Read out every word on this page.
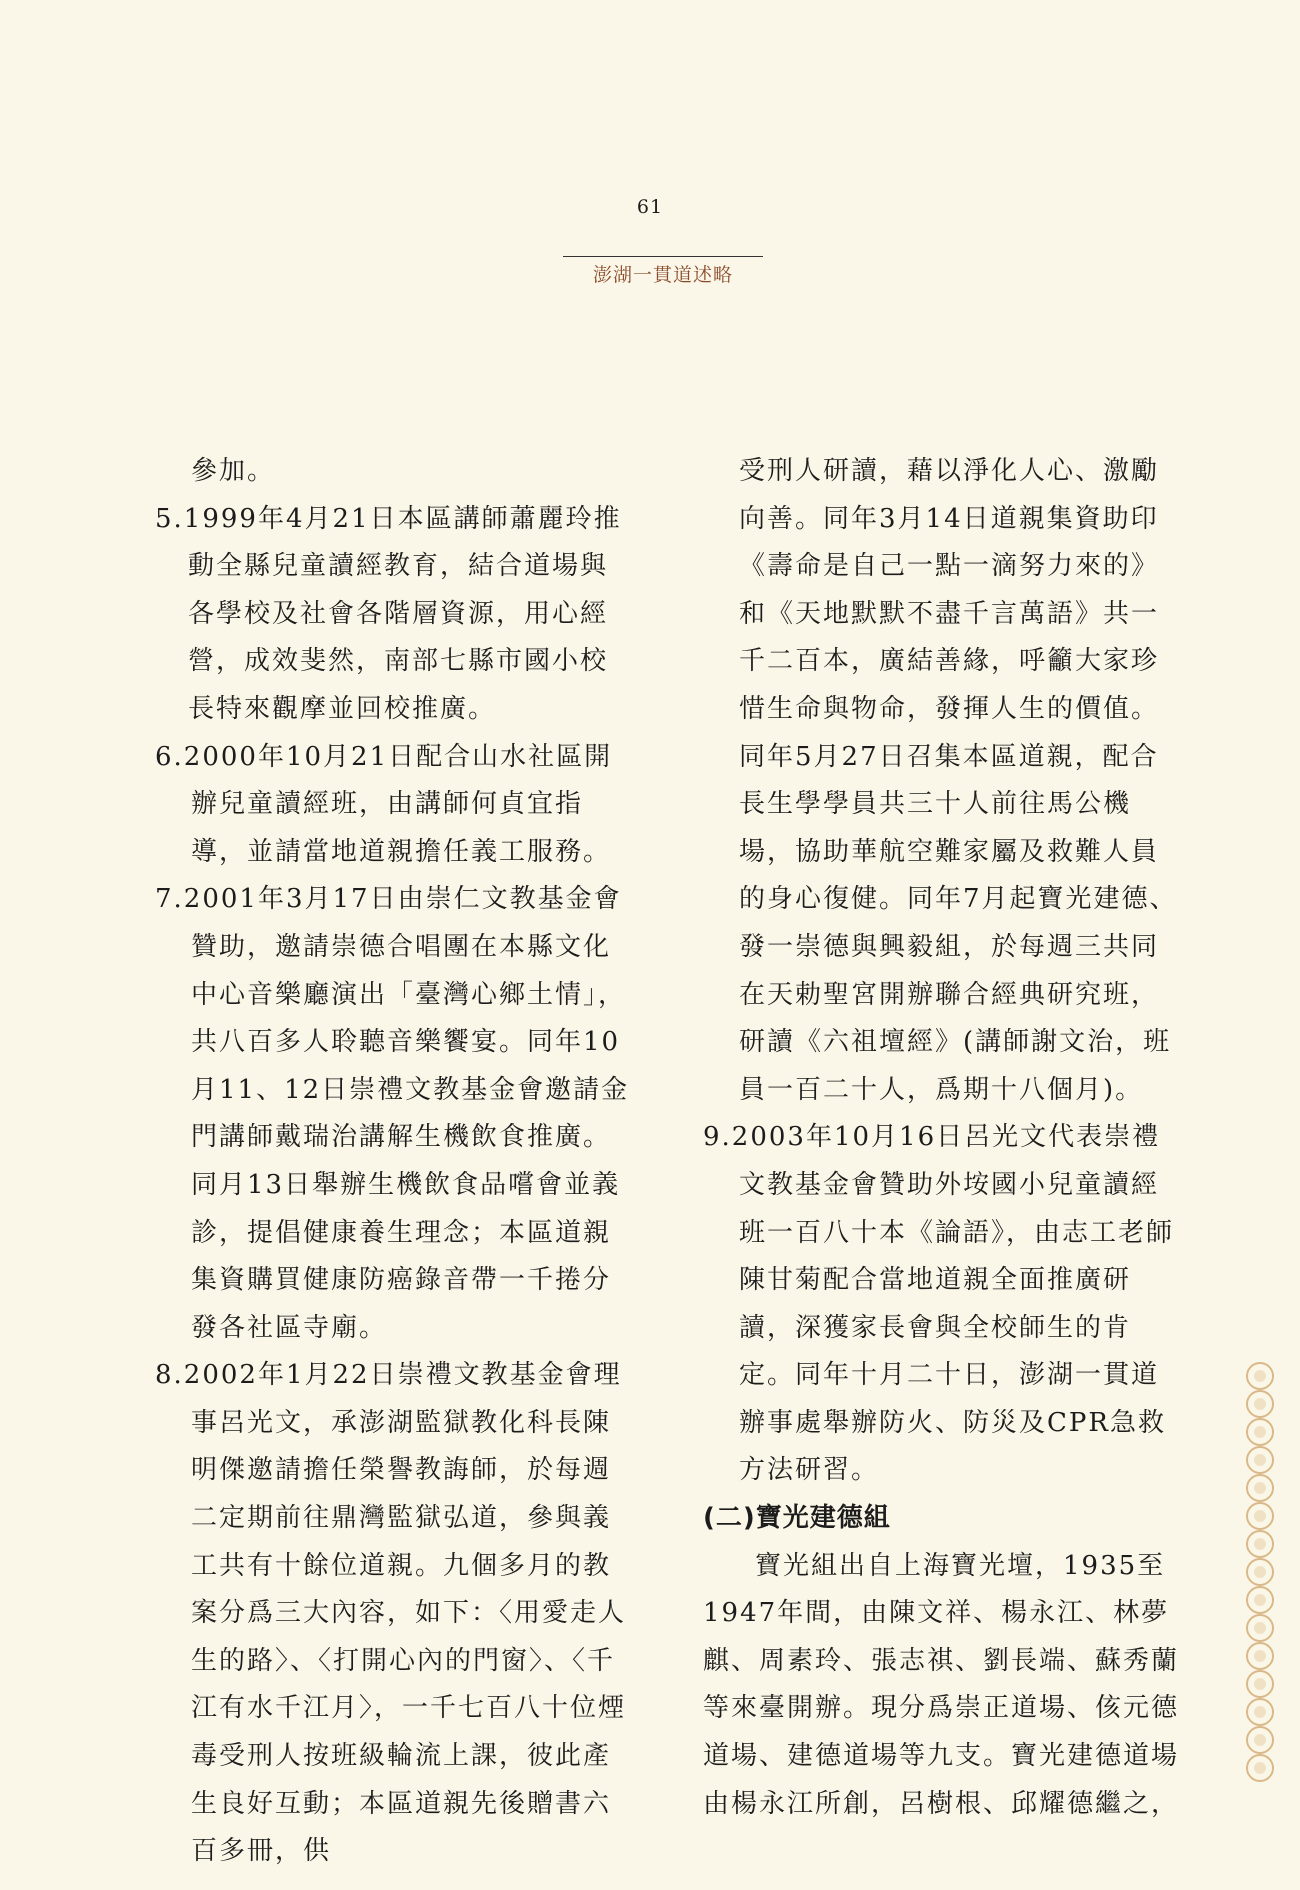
61
澎湖一貫道述略

參加。

5.1999年4月21日本區講師蕭麗玲推動全縣兒童讀經教育，結合道場與各學校及社會各階層資源，用心經營，成效斐然，南部七縣市國小校長特來觀摩並回校推廣。

6.2000年10月21日配合山水社區開辦兒童讀經班，由講師何貞宜指導，並請當地道親擔任義工服務。

7.2001年3月17日由崇仁文教基金會贊助，邀請崇德合唱團在本縣文化中心音樂廳演出「臺灣心鄉土情」，共八百多人聆聽音樂饗宴。同年10月11、12日崇禮文教基金會邀請金門講師戴瑞治講解生機飲食推廣。同月13日舉辦生機飲食品嚐會並義診，提倡健康養生理念；本區道親集資購買健康防癌錄音帶一千捲分發各社區寺廟。

8.2002年1月22日崇禮文教基金會理事呂光文，承澎湖監獄教化科長陳明傑邀請擔任榮譽教誨師，於每週二定期前往鼎灣監獄弘道，參與義工共有十餘位道親。九個多月的教案分爲三大內容，如下：〈用愛走人生的路〉、〈打開心內的門窗〉、〈千江有水千江月〉，一千七百八十位煙毒受刑人按班級輪流上課，彼此產生良好互動；本區道親先後贈書六百多冊，供

受刑人研讀，藉以淨化人心、激勵向善。同年3月14日道親集資助印《壽命是自己一點一滴努力來的》和《天地默默不盡千言萬語》共一千二百本，廣結善緣，呼籲大家珍惜生命與物命，發揮人生的價值。同年5月27日召集本區道親，配合長生學學員共三十人前往馬公機場，協助華航空難家屬及救難人員的身心復健。同年7月起寶光建德、發一崇德與興毅組，於每週三共同在天勅聖宮開辦聯合經典研究班，研讀《六祖壇經》(講師謝文治，班員一百二十人，爲期十八個月)。

9.2003年10月16日呂光文代表崇禮文教基金會贊助外垵國小兒童讀經班一百八十本《論語》，由志工老師陳甘菊配合當地道親全面推廣研讀，深獲家長會與全校師生的肯定。同年十月二十日，澎湖一貫道辦事處舉辦防火、防災及CPR急救方法研習。

(二)寶光建德組

寶光組出自上海寶光壇，1935至1947年間，由陳文祥、楊永江、林夢麒、周素玲、張志祺、劉長端、蘇秀蘭等來臺開辦。現分爲崇正道場、侅元德道場、建德道場等九支。寶光建德道場由楊永江所創，呂樹根、邱耀德繼之，
